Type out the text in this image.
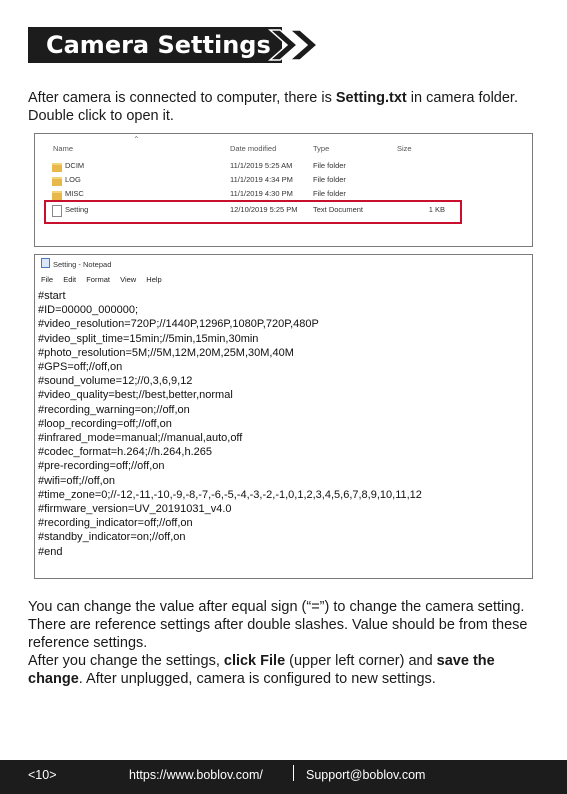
Camera Settings
After camera is connected to computer, there is Setting.txt in camera folder. Double click to open it.
⌃
Name	Date modified	Type	Size
DCIM	11/1/2019 5:25 AM	File folder
LOG	11/1/2019 4:34 PM	File folder
MISC	11/1/2019 4:30 PM	File folder
Setting	12/10/2019 5:25 PM Text Document	1 KB
Setting - Notepad
File Edit Format View Help
#start
#ID=00000_000000;
#video_resolution=720P;//1440P,1296P,1080P,720P,480P
#video_split_time=15min;//5min,15min,30min
#photo_resolution=5M;//5M,12M,20M,25M,30M,40M
#GPS=off;//off,on
#sound_volume=12;//0,3,6,9,12
#video_quality=best;//best,better,normal
#recording_warning=on;//off,on
#loop_recording=off;//off,on
#infrared_mode=manual;//manual,auto,off
#codec_format=h.264;//h.264,h.265
#pre-recording=off;//off,on
#wifi=off;//off,on
#time_zone=0;//-12,-11,-10,-9,-8,-7,-6,-5,-4,-3,-2,-1,0,1,2,3,4,5,6,7,8,9,10,11,12
#firmware_version=UV_20191031_v4.0
#recording_indicator=off;//off,on
#standby_indicator=on;//off,on
#end

You can change the value after equal sign (“=”) to change the camera setting. There are reference settings after double slashes. Value should be from these reference settings.

After you change the settings, click File (upper left corner) and save the change. After unplugged, camera is configured to new settings.

<10>	https://www.boblov.com/	Support@boblov.com
